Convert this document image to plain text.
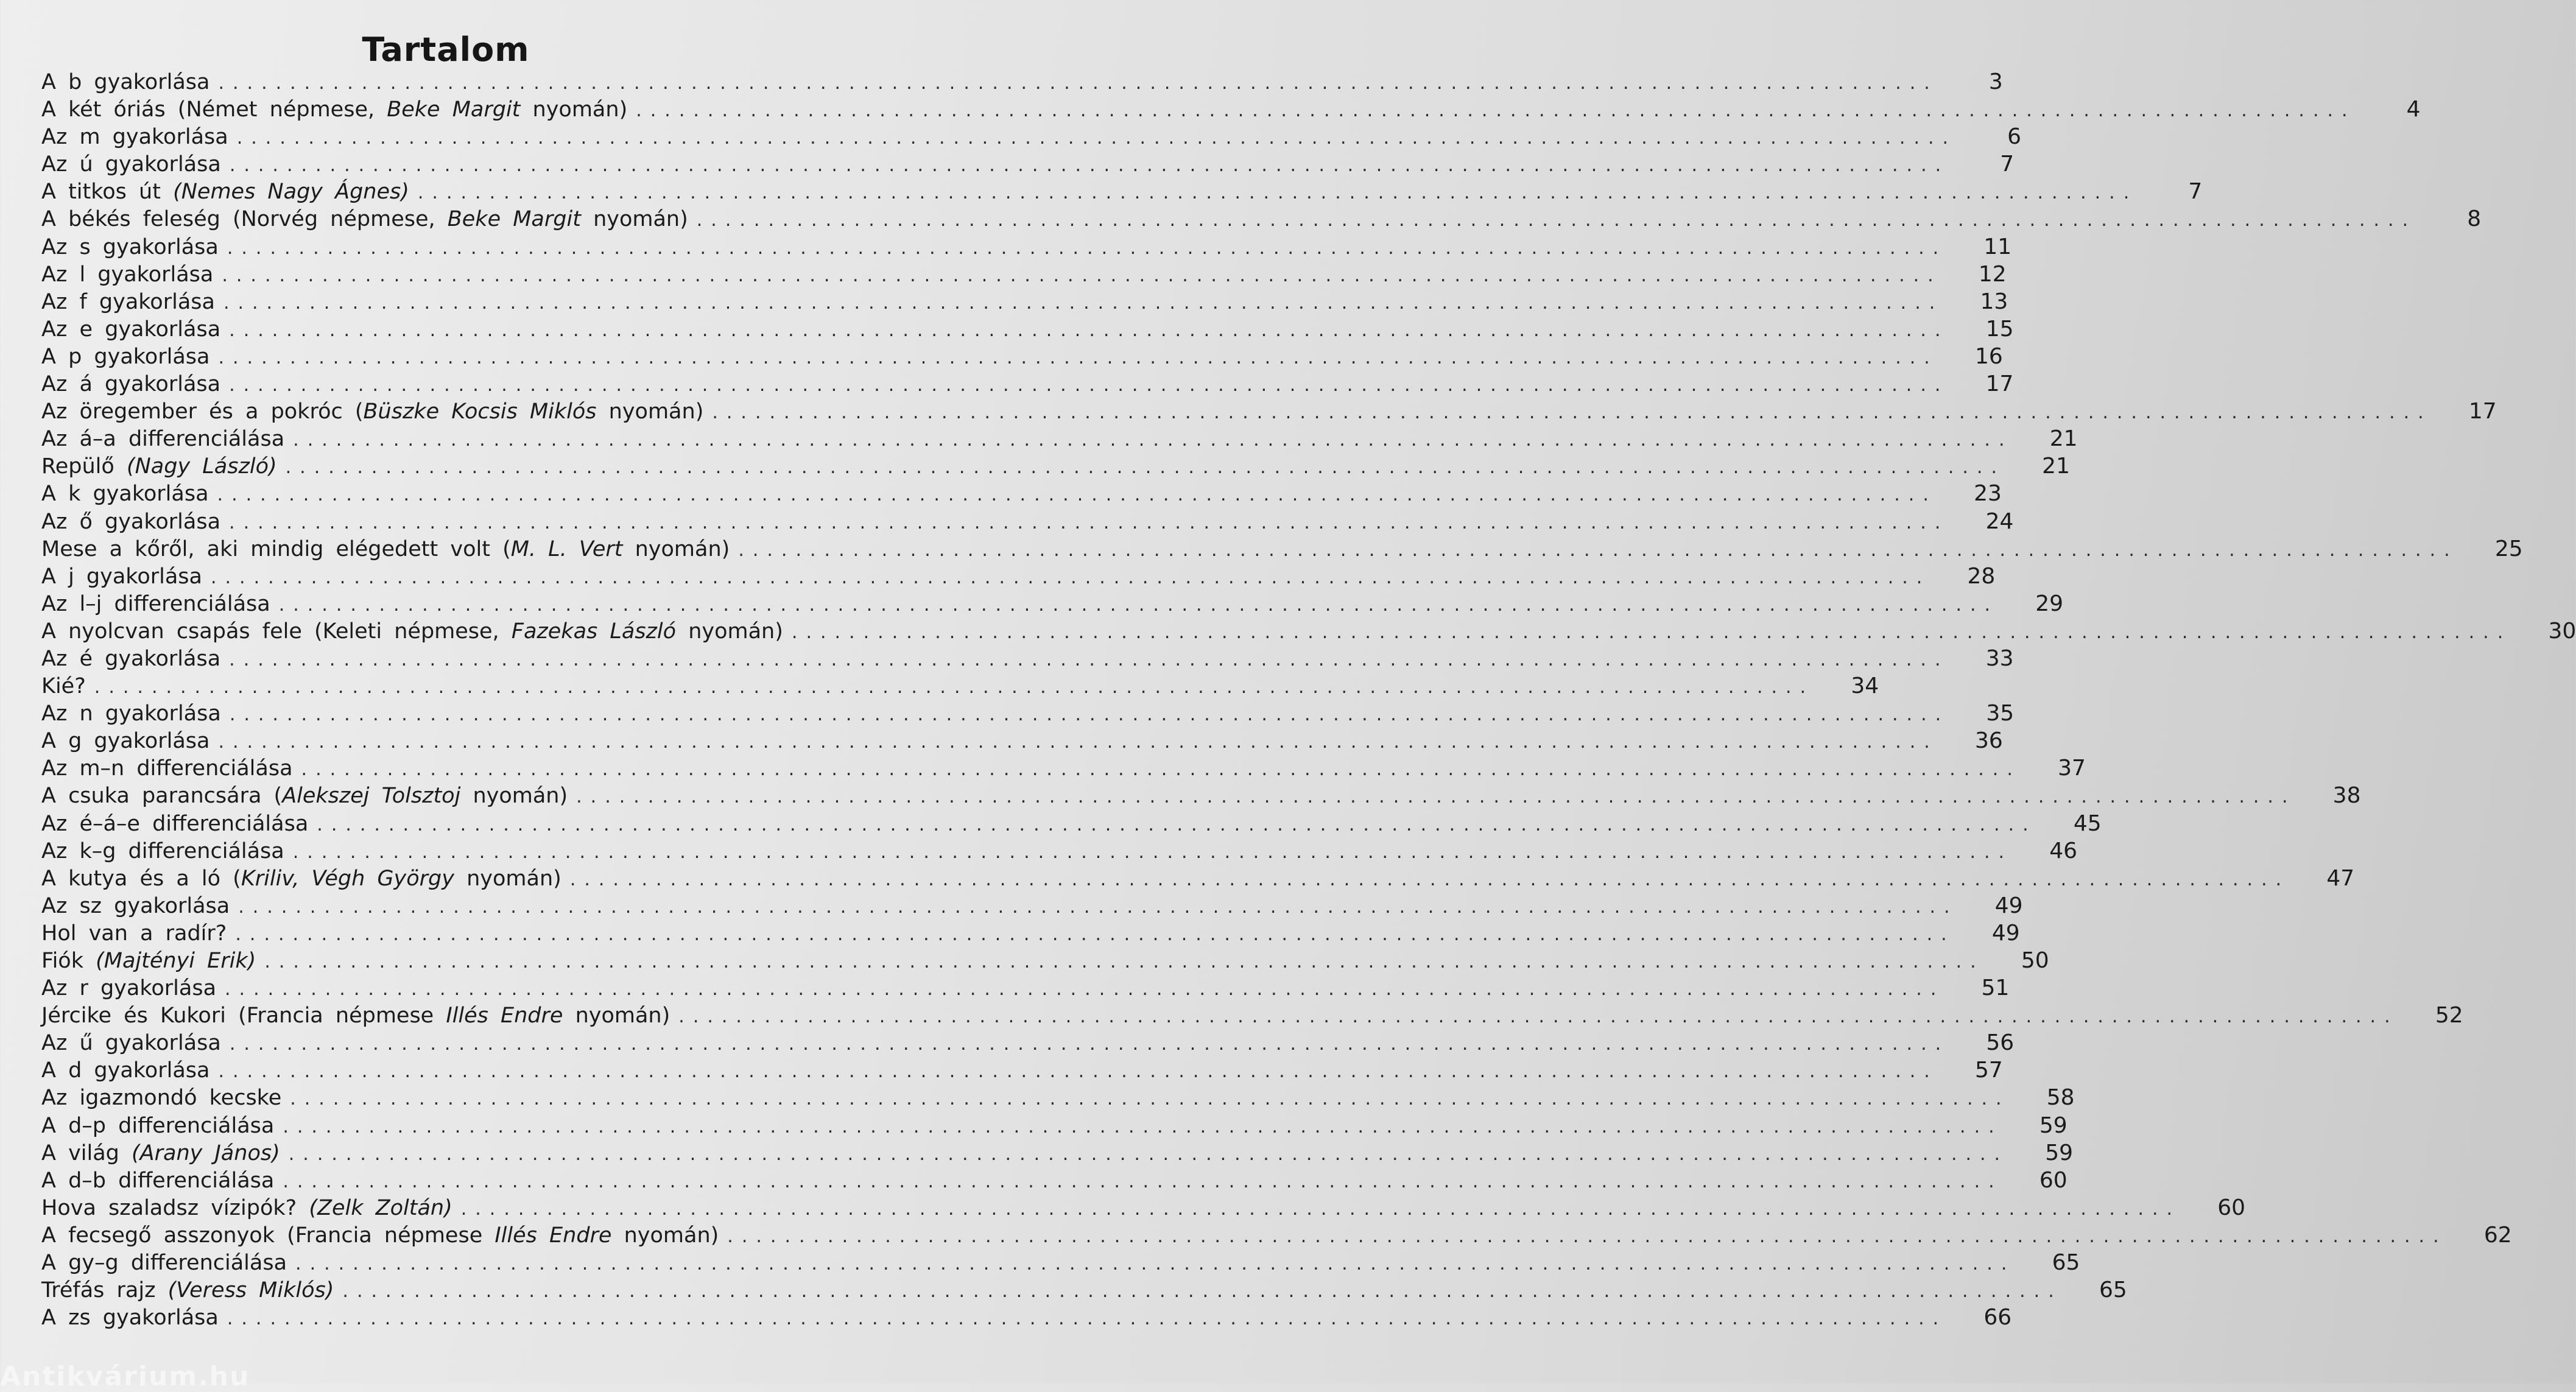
Tartalom
A b gyakorlása ........................................................................................................................	3
A két óriás (Német népmese, Beke Margit nyomán) ........................................................................................................................	4
Az m gyakorlása ........................................................................................................................	6
Az ú gyakorlása ........................................................................................................................	7
A titkos út (Nemes Nagy Ágnes) ........................................................................................................................	7
A békés feleség (Norvég népmese, Beke Margit nyomán) ........................................................................................................................	8
Az s gyakorlása ........................................................................................................................	11
Az l gyakorlása ........................................................................................................................	12
Az f gyakorlása ........................................................................................................................	13
Az e gyakorlása ........................................................................................................................	15
A p gyakorlása ........................................................................................................................	16
Az á gyakorlása ........................................................................................................................	17
Az öregember és a pokróc (Büszke Kocsis Miklós nyomán) ........................................................................................................................	17
Az á–a differenciálása ........................................................................................................................	21
Repülő (Nagy László) ........................................................................................................................	21
A k gyakorlása ........................................................................................................................	23
Az ő gyakorlása ........................................................................................................................	24
Mese a kőről, aki mindig elégedett volt (M. L. Vert nyomán) ........................................................................................................................	25
A j gyakorlása ........................................................................................................................	28
Az l–j differenciálása ........................................................................................................................	29
A nyolcvan csapás fele (Keleti népmese, Fazekas László nyomán) ........................................................................................................................	30
Az é gyakorlása ........................................................................................................................	33
Kié? ........................................................................................................................	34
Az n gyakorlása ........................................................................................................................	35
A g gyakorlása ........................................................................................................................	36
Az m–n differenciálása ........................................................................................................................	37
A csuka parancsára (Alekszej Tolsztoj nyomán) ........................................................................................................................	38
Az é–á–e differenciálása ........................................................................................................................	45
Az k–g differenciálása ........................................................................................................................	46
A kutya és a ló (Kriliv, Végh György nyomán) ........................................................................................................................	47
Az sz gyakorlása ........................................................................................................................	49
Hol van a radír? ........................................................................................................................	49
Fiók (Majtényi Erik) ........................................................................................................................	50
Az r gyakorlása ........................................................................................................................	51
Jércike és Kukori (Francia népmese Illés Endre nyomán) ........................................................................................................................	52
Az ű gyakorlása ........................................................................................................................	56
A d gyakorlása ........................................................................................................................	57
Az igazmondó kecske ........................................................................................................................	58
A d–p differenciálása ........................................................................................................................	59
A világ (Arany János) ........................................................................................................................	59
A d–b differenciálása ........................................................................................................................	60
Hova szaladsz vízipók? (Zelk Zoltán) ........................................................................................................................	60
A fecsegő asszonyok (Francia népmese Illés Endre nyomán) ........................................................................................................................	62
A gy–g differenciálása ........................................................................................................................	65
Tréfás rajz (Veress Miklós) ........................................................................................................................	65
A zs gyakorlása ........................................................................................................................	66
Antikvárium.hu
